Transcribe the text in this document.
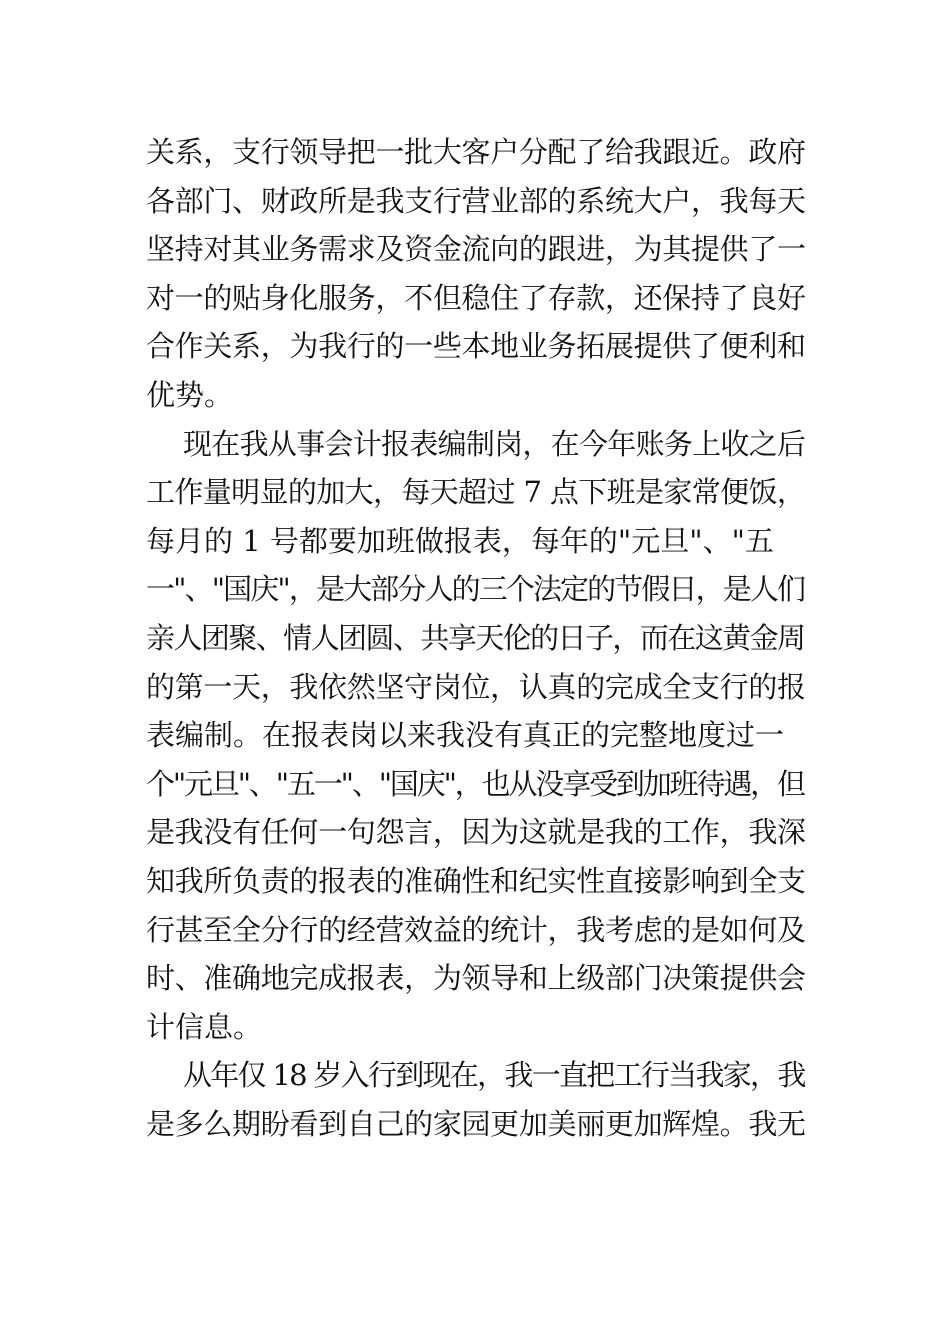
关系，支行领导把一批大客户分配了给我跟近。政府
各部门、财政所是我支行营业部的系统大户，我每天
坚持对其业务需求及资金流向的跟进，为其提供了一
对一的贴身化服务，不但稳住了存款，还保持了良好
合作关系，为我行的一些本地业务拓展提供了便利和
优势。
现在我从事会计报表编制岗，在今年账务上收之后
工作量明显的加大，每天超过 7 点下班是家常便饭，
每月的 1 号都要加班做报表，每年的"元旦"、"五
一"、"国庆"，是大部分人的三个法定的节假日，是人们
亲人团聚、情人团圆、共享天伦的日子，而在这黄金周
的第一天，我依然坚守岗位，认真的完成全支行的报
表编制。在报表岗以来我没有真正的完整地度过一
个"元旦"、"五一"、"国庆"，也从没享受到加班待遇，但
是我没有任何一句怨言，因为这就是我的工作，我深
知我所负责的报表的准确性和纪实性直接影响到全支
行甚至全分行的经营效益的统计，我考虑的是如何及
时、准确地完成报表，为领导和上级部门决策提供会
计信息。
从年仅 18 岁入行到现在，我一直把工行当我家，我
是多么期盼看到自己的家园更加美丽更加辉煌。我无
